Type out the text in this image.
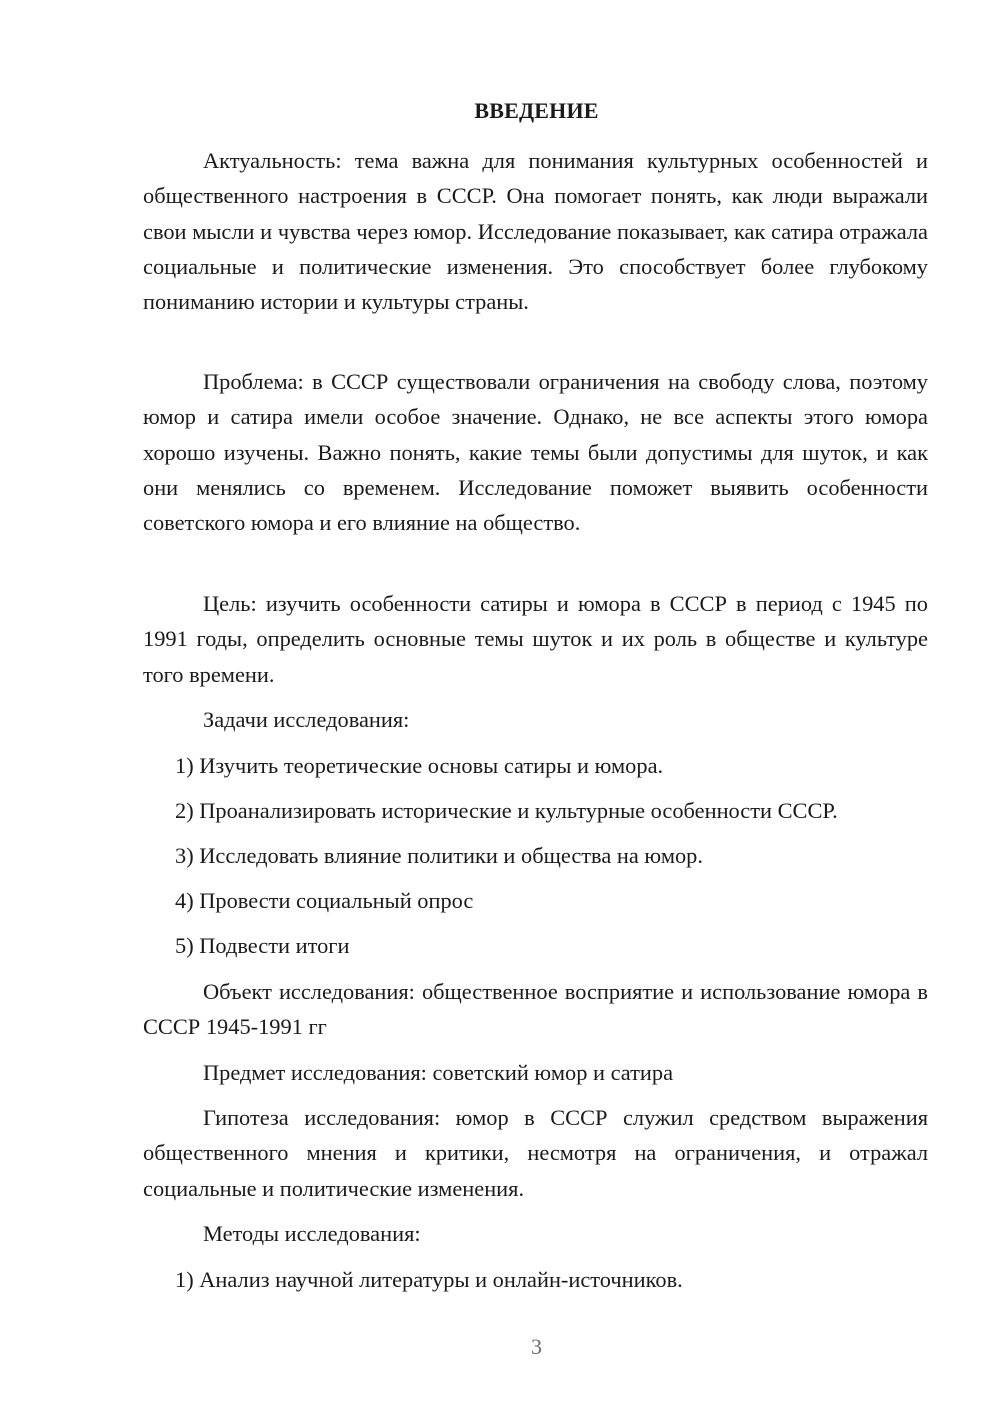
ВВЕДЕНИЕ

Актуальность: тема важна для понимания культурных особенностей и общественного настроения в СССР. Она помогает понять, как люди выражали свои мысли и чувства через юмор. Исследование показывает, как сатира отражала социальные и политические изменения. Это способствует более глубокому пониманию истории и культуры страны.

Проблема: в СССР существовали ограничения на свободу слова, поэтому юмор и сатира имели особое значение. Однако, не все аспекты этого юмора хорошо изучены. Важно понять, какие темы были допустимы для шуток, и как они менялись со временем. Исследование поможет выявить особенности советского юмора и его влияние на общество.

Цель: изучить особенности сатиры и юмора в СССР в период с 1945 по 1991 годы, определить основные темы шуток и их роль в обществе и культуре того времени.

Задачи исследования:
1) Изучить теоретические основы сатиры и юмора.
2) Проанализировать исторические и культурные особенности СССР.
3) Исследовать влияние политики и общества на юмор.
4) Провести социальный опрос
5) Подвести итоги

Объект исследования: общественное восприятие и использование юмора в СССР 1945-1991 гг

Предмет исследования: советский юмор и сатира

Гипотеза исследования: юмор в СССР служил средством выражения общественного мнения и критики, несмотря на ограничения, и отражал социальные и политические изменения.

Методы исследования:
1) Анализ научной литературы и онлайн-источников.
3
